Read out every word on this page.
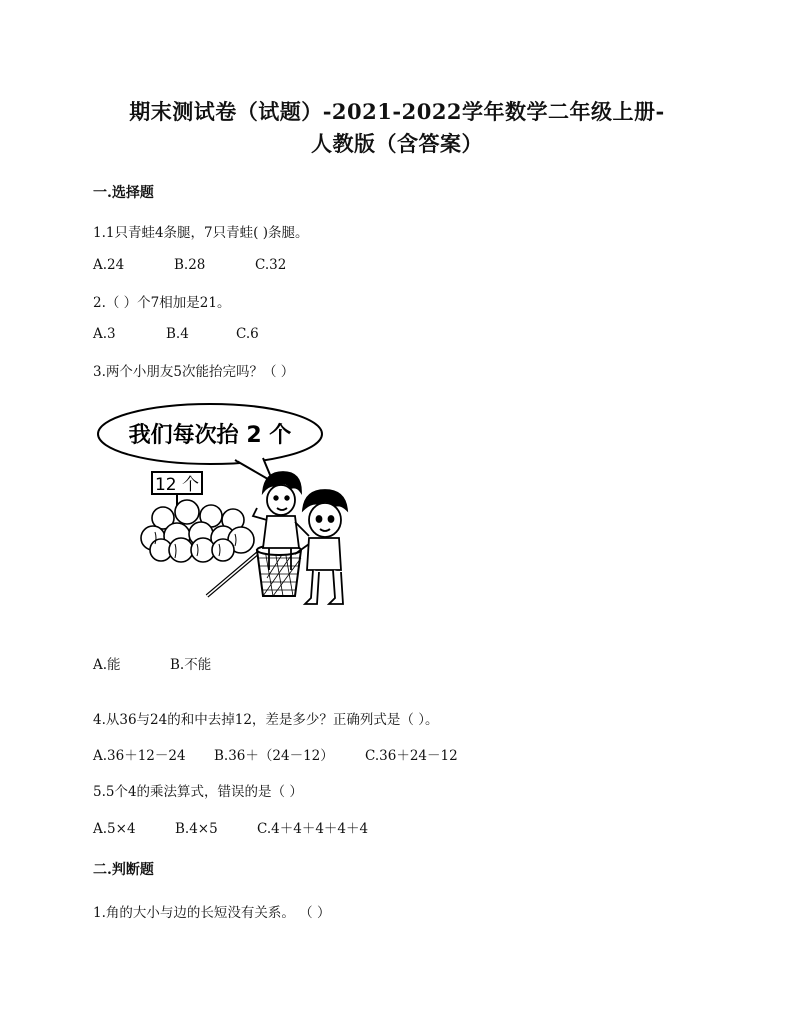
期末测试卷（试题）-2021-2022学年数学二年级上册-
人教版（含答案）
一.选择题
1.1只青蛙4条腿，7只青蛙( )条腿。
A.24	B.28	C.32
2.（ ）个7相加是21。
A.3	B.4	C.6
3.两个小朋友5次能抬完吗？（ ）
我们每次抬 2 个
12 个
A.能	B.不能
4.从36与24的和中去掉12，差是多少？正确列式是（ ）。
A.36＋12－24 B.36＋（24－12） C.36＋24－12
5.5个4的乘法算式，错误的是（ ）
A.5×4	B.4×5	C.4＋4＋4＋4＋4
二.判断题
1.角的大小与边的长短没有关系。 （ ）
